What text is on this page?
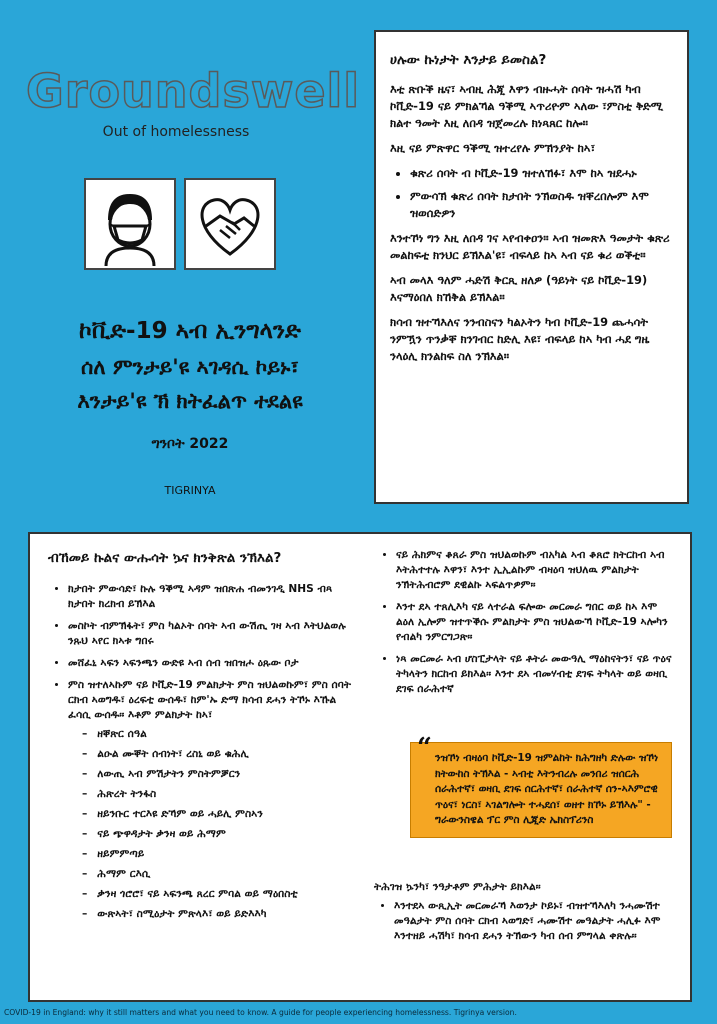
Groundswell
Out of homelessness
ኮቪድ-19 ኣብ ኢንግላንድ
ሰለ ምንታይ'ዩ ኣገዳሲ ኮይኑ፣
እንታይ'ዩ ኽ ክትፈልጥ ተደልዩ
ግንቦት 2022
TIGRINYA
ሀሉው ኩነታት እንታይ ይመስል?

እቲ ጽቡቕ ዜና፣ ኣብዚ ሕጂ እዋን ብዙሓት ሰባት ዝሓሽ ካብ ኮቪድ-19 ናይ ምክልኻል ዓቕሚ ኣጥሪዮም ኣለው ፣ምስቲ ቅድሚ ክልተ ዓመት እዚ ለበዳ ዝጀመረሉ ክነጻጸር ከሎ።

እዚ ናይ ምጽዋር ዓቕሚ ዝተረየሉ ምኽንያት ከኣ፣

• ቁጽሪ ሰባት ብ ኮቪድ-19 ዝተለኸፉ፣ እሞ ከኣ ዝደሓኑ
• ምውሳኽ ቁጽሪ ሰባት ክታበት ንኽወስዱ ዝቐረበሎም እሞ ዝወሰድዎን

እንተኾነ ግን እዚ ለበዳ ገና ኣየብቀዐን። ኣብ ዝመጽእ ዓመታት ቁጽሪ መልከፍቲ ክንህር ይኽእል'ዩ፣ ብፍላይ ከኣ ኣብ ናይ ቁሪ ወቕቲ።

ኣብ መላእ ዓለም ሓድሽ ቅርጺ ዘለዎ (ዓይነት ናይ ኮቪድ-19) እናማዕበለ ክኸቅል ይኽእል።

ክሳብ ዝተኻእለና ንንብስናን ካልኦትን ካብ ኮቪድ-19 ጨሓሳት ንምዃን ጥንቃቐ ክንገብር ከድሊ እዩ፣ ብፍላይ ከኣ ካብ ሓደ ግዜ ንላዕሊ ክንልከፍ ስለ ንኽእል።

ብኸመይ ኩልና ውሑሳት ኴና ክንቅጽል ንኽእል?
• ክታበት ምውሳድ፣ ኩሉ ዓቕሚ ኣዳም ዝበጽሐ ብመንገዲ NHS ብጻ ክታበት ክረክብ ይኽእል
• መስኮት ብምኽፋት፣ ምስ ካልኦት ሰባት ኣብ ውሽጢ ገዛ ኣብ እትህልወሉ ንጹህ ኣየር ክኣቱ ግበሩ
• መሸፈኒ ኣፍን ኣፍንጫን ውድዩ ኣብ ሰብ ዝበዝሖ ዕጹው ቦታ
• ምስ ዝተለኣኩም ናይ ኮቪድ-19 ምልክታት ምስ ዝህልወኩም፣ ምስ ሰባት ርክብ ኣወግዱ፣ ዕረፍቲ ውሰዱ፣ ከም'ኡ ድማ ክሳብ ደሓን ትኾኑ እኹል ፈሳሲ ውሰዱ። እቶም ምልክታት ከኣ፣
– ዘቐጽር ሰዓል
– ልዑል ሙቐት ሰብነት፣ ረስኒ ወይ ቁሕሊ
– ለውጢ ኣብ ምሽታትን ምስትምቓርን
– ሕጽረት ትንፋስ
– ዘይንቡር ተርእዩ ድኻም ወይ ሓይሊ ምስኣን
– ናይ ጭዋዳታት ቃንዛ ወይ ሕማም
– ዘይምምጣይ
– ሕማም ርእሲ
– ቃንዛ ጎሮሮ፣ ናይ ኣፍንጫ ጸረር ምባል ወይ ማዕበስቲ
– ውጽኣት፣ ስሚዕታት ምጽላእ፣ ወይ ይድእእካ
• ናይ ሕክምና ቆጸራ ምስ ዝህልወኩም ብአካል ኣብ ቆጸሮ ክትርከብ ኣብ እትሕተተሉ እዋን፣ እንተ ኢኢልኩም ብዛዕባ ዝህለዉ ምልክታት ንኽትሕብሮም ደዊልኩ ኣፍልጥዎም።
• እንተ ደኣ ተጸሊእካ ናይ ላተራል ፍሎው መርመራ ግበር ወይ ከኣ እሞ ልዕለ ኢሎም ዝተጥቕሱ ምልክታት ምስ ዝህልውኻ ኮቪድ-19 ኣሎካን የብልካ ንምርግጋጽ።
• ነጻ መርመራ ኣብ ሆስፒታላት ናይ ቶትራ መውዓሊ ማዕከናትን፣ ናይ ጥዕና ትካላትን ክርከብ ይክእል። እንተ ደኣ ብመሃብቲ ደገፍ ትካላት ወይ ወዛቢ ደገፍ ሰራሕተኛ
“ ንዝኾነ ብዛዕባ ኮቪድ-19 ዝምልከት ክሕግዘካ ድሉው ዝኾነ ክትውከስ ትኽእል - ኣብቲ እትንብረሉ መንበሪ ዝሰርሕ ሰራሕተኛ፣ ወዛቢ ደገፍ ሰርሕተኛ፣ ሰራሕተኛ ሰን-ኣእምሮዊ ጥዕና፣ ነርስ፣ ኣገልግሎት ተሓደሰ፣ ወዘተ ክኾኑ ይኽእሉ" - ግራውንስዌል ፕር ምስ ሊጂድ ኤክስፕሪንስ
ትሕገዝ ኴንካ፣ ንዓታቶም ምሕታት ይክእል።
• እንተደኣ ውጺኢት መርመራኻ እወንታ ኮይኑ፣ ብዝተኻእለካ ንሓሙሽተ መዓልታት ምስ ሰባት ርክብ ኣወግድ፣ ሓሙሽተ መዓልታት ሓሊፉ እሞ እንተዘይ ሓሽካ፣ ክሳብ ደሓን ትኽውን ካብ ሰብ ምግላል ቀጽሉ።
COVID-19 in England: why it still matters and what you need to know. A guide for people experiencing homelessness. Tigrinya version.
